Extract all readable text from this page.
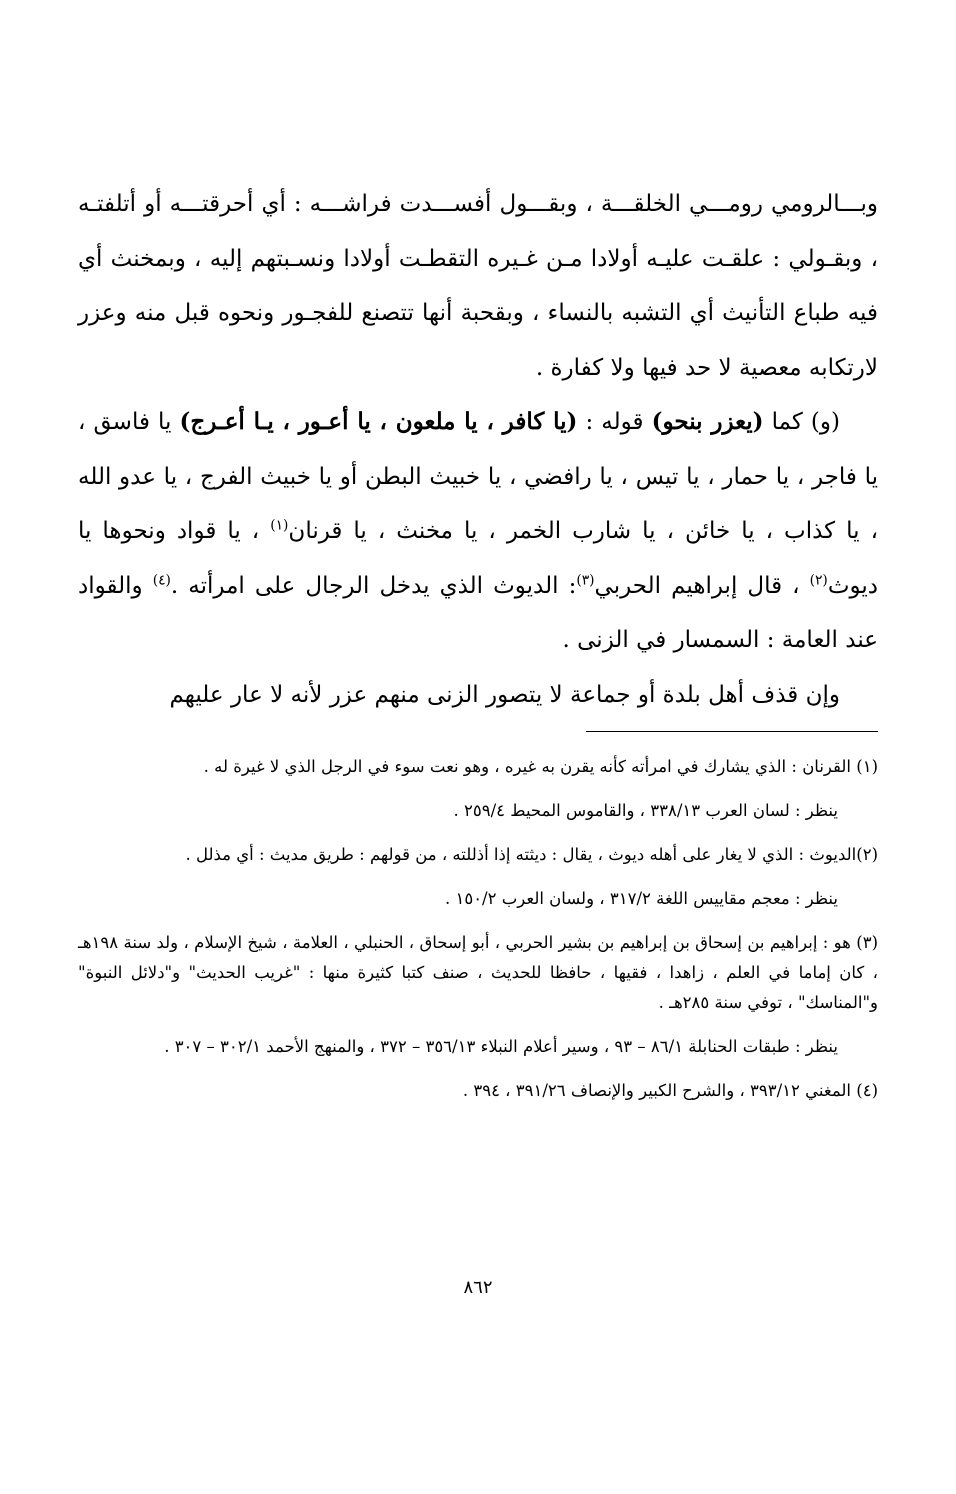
وبـــالرومي رومـــي الخلقـــة ، وبقـــول أفســـدت فراشـــه : أي أحرقتـــه أو أتلفتـه ، وبقـولي : علقـت عليـه أولادا مـن غـيره التقطـت أولادا ونسـبتهم إليه ، وبمخنث أي فيه طباع التأنيث أي التشبه بالنساء ، وبقحبة أنها تتصنع للفجـور ونحوه قبل منه وعزر لارتكابه معصية لا حد فيها ولا كفارة .

(و) كما (يعزر بنحو) قوله : (يا كافر ، يا ملعون ، يا أعـور ، يـا أعـرج) يا فاسق ، يا فاجر ، يا حمار ، يا تيس ، يا رافضي ، يا خبيث البطن أو يا خبيث الفرج ، يا عدو الله ، يا كذاب ، يا خائن ، يا شارب الخمر ، يا مخنث ، يا قرنان$^{(١)}$ ، يا قواد ونحوها يا ديوث$^{(٢)}$ ، قال إبراهيم الحربي$^{(٣)}$: الديوث الذي يدخل الرجال على امرأته .$^{(٤)}$ والقواد عند العامة : السمسار في الزنى .

وإن قذف أهل بلدة أو جماعة لا يتصور الزنى منهم عزر لأنه لا عار عليهم

(١) القرنان : الذي يشارك في امرأته كأنه يقرن به غيره ، وهو نعت سوء في الرجل الذي لا غيرة له .

ينظر : لسان العرب ٣٣٨/١٣ ، والقاموس المحيط ٢٥٩/٤ .

(٢)الديوث : الذي لا يغار على أهله ديوث ، يقال : ديثته إذا أذللته ، من قولهم : طريق مديث : أي مذلل .

ينظر : معجم مقاييس اللغة ٣١٧/٢ ، ولسان العرب ١٥٠/٢ .

(٣) هو : إبراهيم بن إسحاق بن إبراهيم بن بشير الحربي ، أبو إسحاق ، الحنبلي ، العلامة ، شيخ الإسلام ، ولد سنة ١٩٨هـ ، كان إماما في العلم ، زاهدا ، فقيها ، حافظا للحديث ، صنف كتبا كثيرة منها : "غريب الحديث" و"دلائل النبوة" و"المناسك" ، توفي سنة ٢٨٥هـ .

ينظر : طبقات الحنابلة ٨٦/١ – ٩٣ ، وسير أعلام النبلاء ٣٥٦/١٣ – ٣٧٢ ، والمنهج الأحمد ٣٠٢/١ – ٣٠٧ .

(٤) المغني ٣٩٣/١٢ ، والشرح الكبير والإنصاف ٣٩١/٢٦ ، ٣٩٤ .

٨٦٢
